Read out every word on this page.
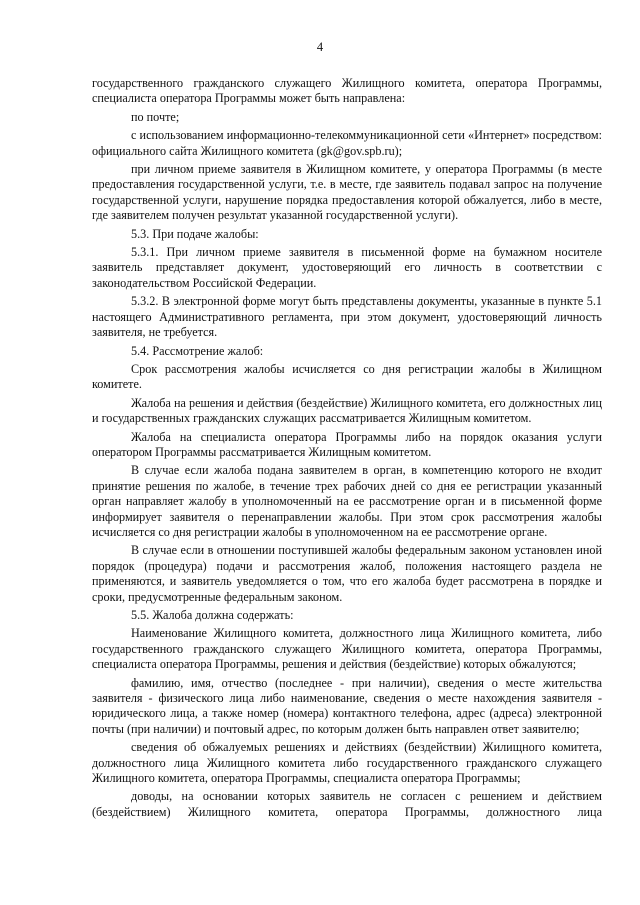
4

государственного гражданского служащего Жилищного комитета, оператора Программы, специалиста оператора Программы может быть направлена:

по почте;

с использованием информационно-телекоммуникационной сети «Интернет» посредством: официального сайта Жилищного комитета (gk@gov.spb.ru);

при личном приеме заявителя в Жилищном комитете, у оператора Программы (в месте предоставления государственной услуги, т.е. в месте, где заявитель подавал запрос на получение государственной услуги, нарушение порядка предоставления которой обжалуется, либо в месте, где заявителем получен результат указанной государственной услуги).

5.3. При подаче жалобы:

5.3.1. При личном приеме заявителя в письменной форме на бумажном носителе заявитель представляет документ, удостоверяющий его личность в соответствии с законодательством Российской Федерации.

5.3.2. В электронной форме могут быть представлены документы, указанные в пункте 5.1 настоящего Административного регламента, при этом документ, удостоверяющий личность заявителя, не требуется.

5.4. Рассмотрение жалоб:

Срок рассмотрения жалобы исчисляется со дня регистрации жалобы в Жилищном комитете.

Жалоба на решения и действия (бездействие) Жилищного комитета, его должностных лиц и государственных гражданских служащих рассматривается Жилищным комитетом.

Жалоба на специалиста оператора Программы либо на порядок оказания услуги оператором Программы рассматривается Жилищным комитетом.

В случае если жалоба подана заявителем в орган, в компетенцию которого не входит принятие решения по жалобе, в течение трех рабочих дней со дня ее регистрации указанный орган направляет жалобу в уполномоченный на ее рассмотрение орган и в письменной форме информирует заявителя о перенаправлении жалобы. При этом срок рассмотрения жалобы исчисляется со дня регистрации жалобы в уполномоченном на ее рассмотрение органе.

В случае если в отношении поступившей жалобы федеральным законом установлен иной порядок (процедура) подачи и рассмотрения жалоб, положения настоящего раздела не применяются, и заявитель уведомляется о том, что его жалоба будет рассмотрена в порядке и сроки, предусмотренные федеральным законом.

5.5. Жалоба должна содержать:

Наименование Жилищного комитета, должностного лица Жилищного комитета, либо государственного гражданского служащего Жилищного комитета, оператора Программы, специалиста оператора Программы, решения и действия (бездействие) которых обжалуются;

фамилию, имя, отчество (последнее - при наличии), сведения о месте жительства заявителя - физического лица либо наименование, сведения о месте нахождения заявителя - юридического лица, а также номер (номера) контактного телефона, адрес (адреса) электронной почты (при наличии) и почтовый адрес, по которым должен быть направлен ответ заявителю;

сведения об обжалуемых решениях и действиях (бездействии) Жилищного комитета, должностного лица Жилищного комитета либо государственного гражданского служащего Жилищного комитета, оператора Программы, специалиста оператора Программы;

доводы, на основании которых заявитель не согласен с решением и действием (бездействием) Жилищного комитета, оператора Программы, должностного лица
